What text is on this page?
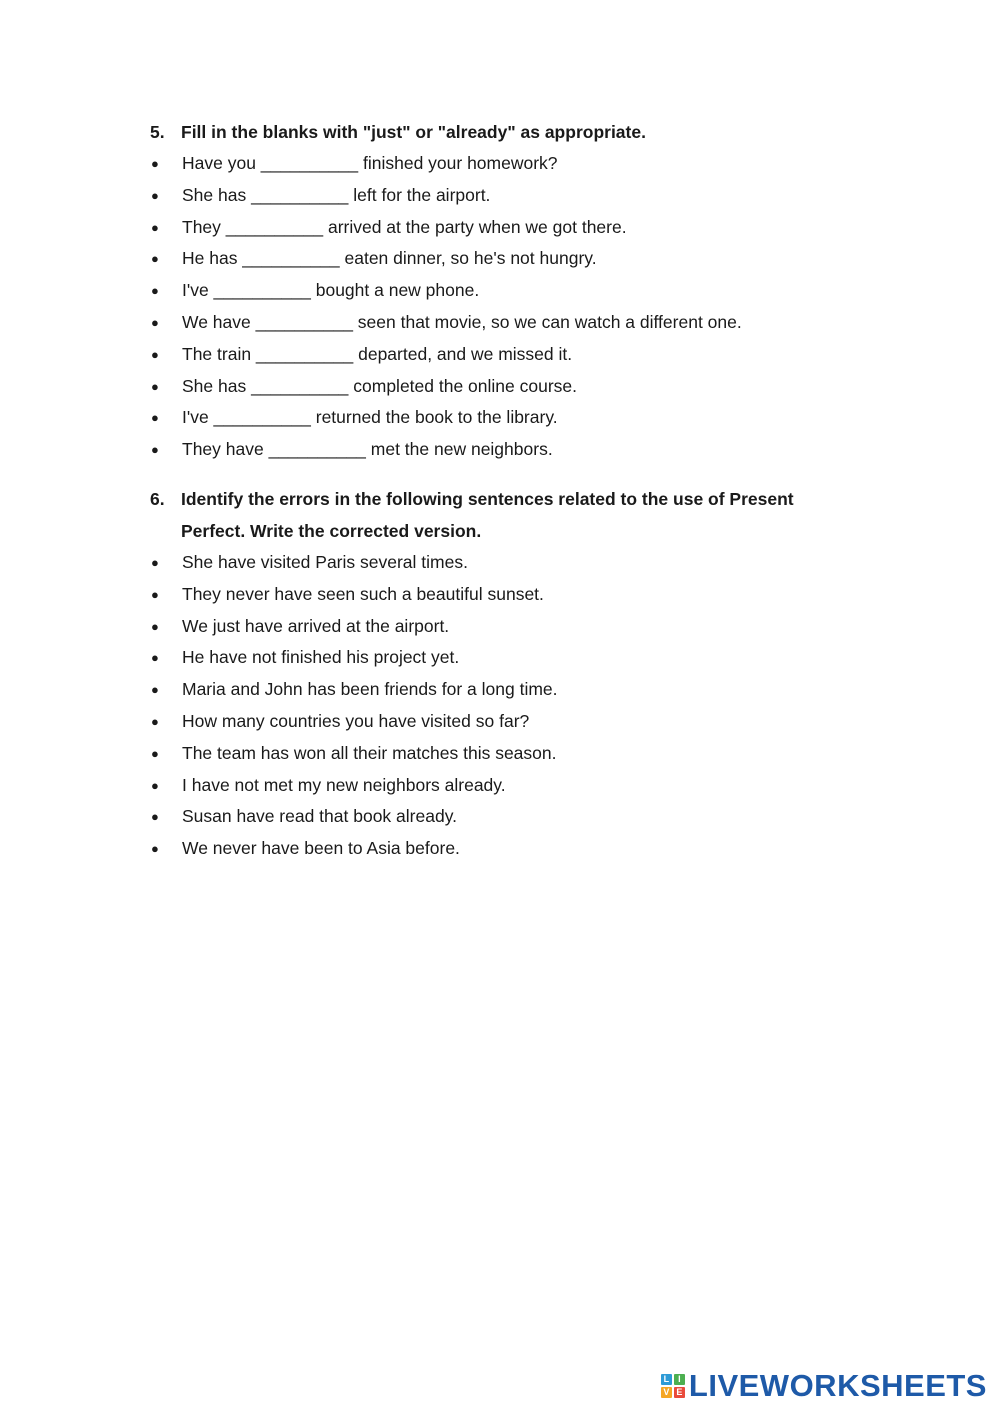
5. Fill in the blanks with "just" or "already" as appropriate.
●	Have you __________ finished your homework?
●	She has __________ left for the airport.
●	They __________ arrived at the party when we got there.
●	He has __________ eaten dinner, so he's not hungry.
●	I've __________ bought a new phone.
●	We have __________ seen that movie, so we can watch a different one.
●	The train __________ departed, and we missed it.
●	She has __________ completed the online course.
●	I've __________ returned the book to the library.
●	They have __________ met the new neighbors.
6. Identify the errors in the following sentences related to the use of Present Perfect. Write the corrected version.
●	She have visited Paris several times.
●	They never have seen such a beautiful sunset.
●	We just have arrived at the airport.
●	He have not finished his project yet.
●	Maria and John has been friends for a long time.
●	How many countries you have visited so far?
●	The team has won all their matches this season.
●	I have not met my new neighbors already.
●	Susan have read that book already.
●	We never have been to Asia before.
L I
V E LIVEWORKSHEETS
